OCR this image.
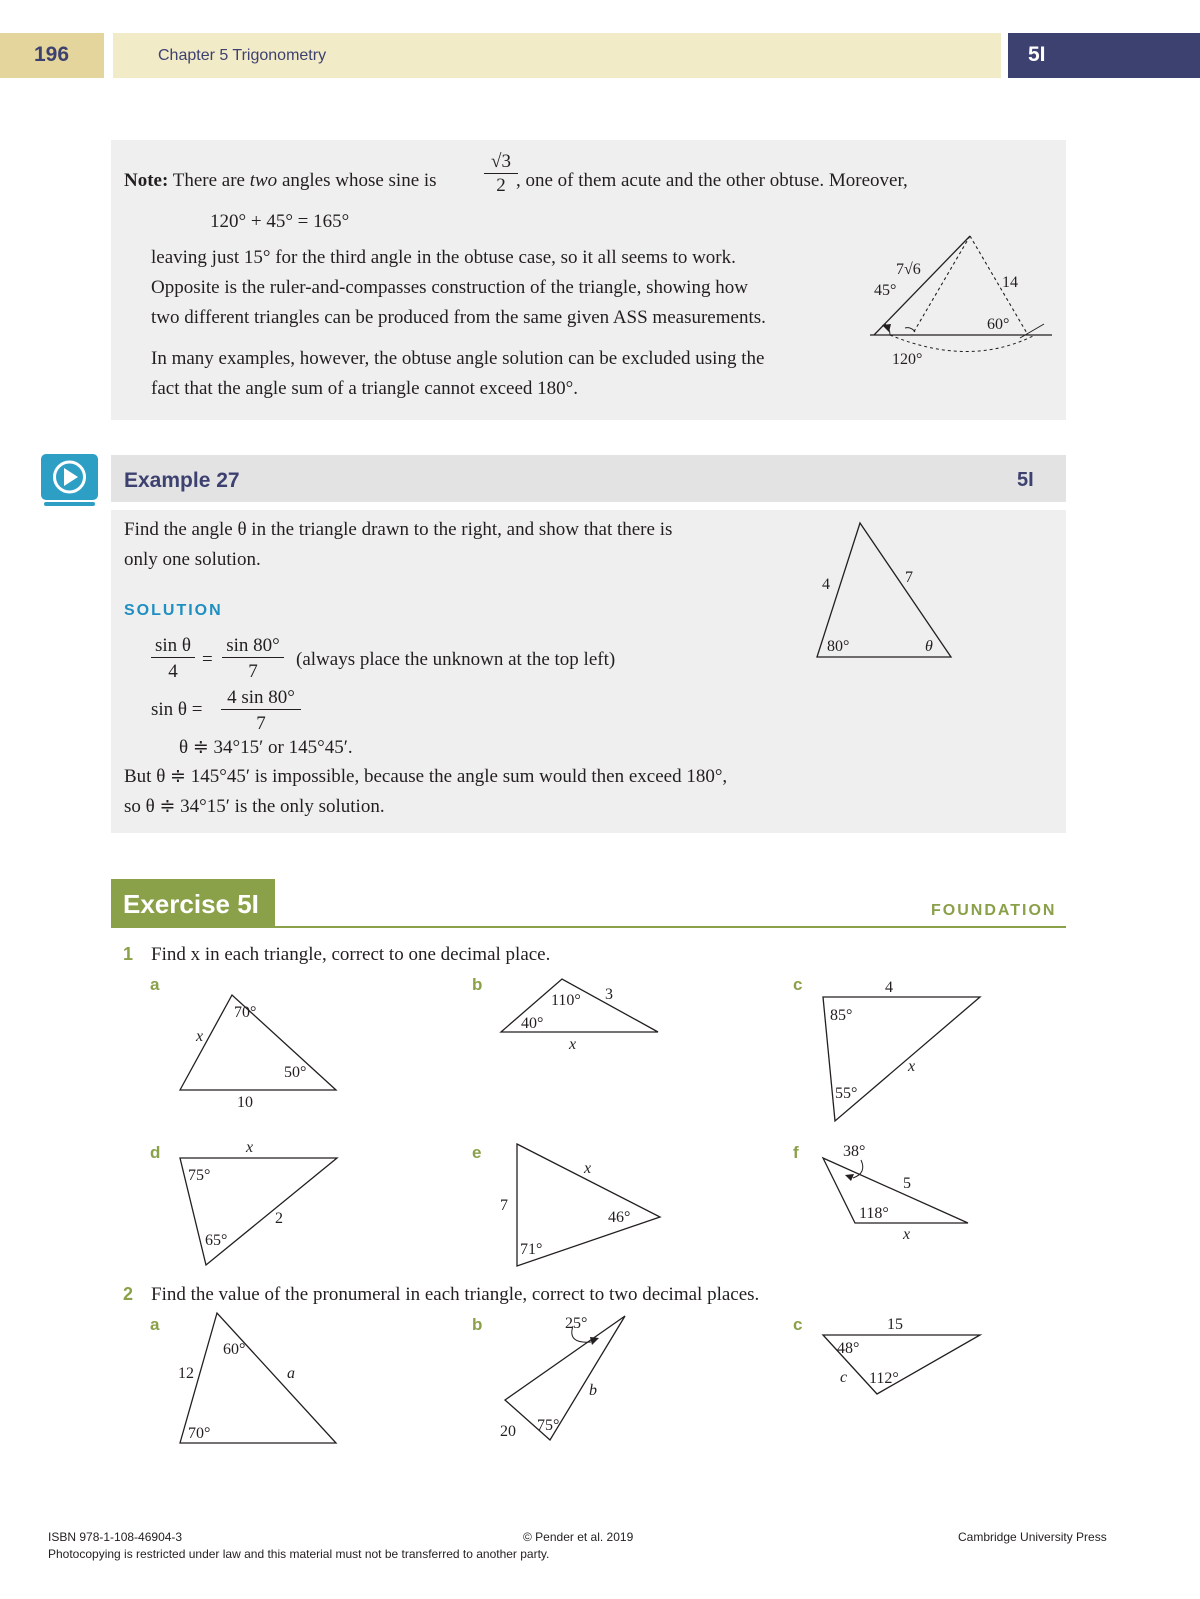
196	Chapter 5 Trigonometry	5I
Note: There are two angles whose sine is
√3
2 , one of them acute and the other obtuse. Moreover,
120° + 45° = 165°
leaving just 15° for the third angle in the obtuse case, so it all seems to work.
Opposite is the ruler-and-compasses construction of the triangle, showing how
two different triangles can be produced from the same given ASS measurements.
In many examples, however, the obtuse angle solution can be excluded using the
fact that the angle sum of a triangle cannot exceed 180°.
7√6
14
45°
60°
120°
Example 27	5I
Find the angle θ in the triangle drawn to the right, and show that there is
only one solution.
SOLUTION
sin θ
4
=
sin 80°
7
(always place the unknown at the top left)
sin θ =
4 sin 80°
7
θ ≑ 34°15′ or 145°45′.
But θ ≑ 145°45′ is impossible, because the angle sum would then exceed 180°,
so θ ≑ 34°15′ is the only solution.
4	7
80°	θ
Exercise 5I	FOUNDATION
1 Find x in each triangle, correct to one decimal place.
a	b	c
d	e	f
x
70°
50°
10
110° 3
40°
x
4
85°
55°
x
x
75°
2
65°
x
7
46°
71°
38°
5
118°
x
2 Find the value of the pronumeral in each triangle, correct to two decimal places.
a	b	c
60°
12	a
70°
25°
b
20 75°
15
48°
c 112°
ISBN 978-1-108-46904-3	© Pender et al. 2019	Cambridge University Press
Photocopying is restricted under law and this material must not be transferred to another party.
